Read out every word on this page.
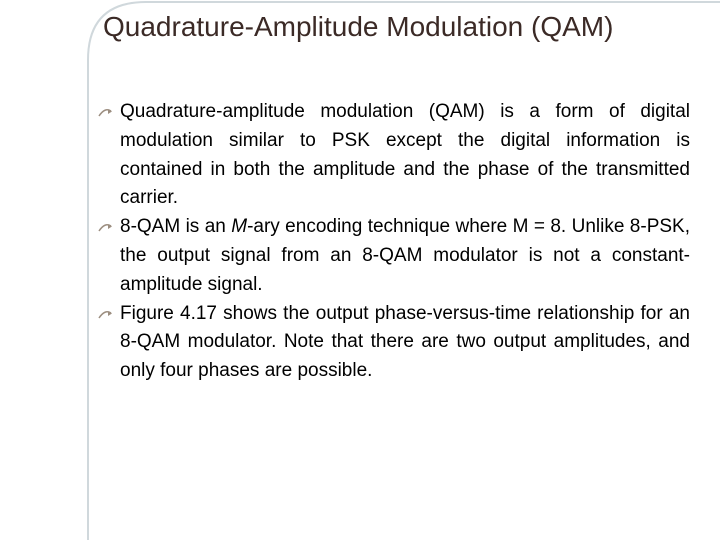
Quadrature-Amplitude Modulation (QAM)
Quadrature-amplitude modulation (QAM) is a form of digital modulation similar to PSK except the digital information is contained in both the amplitude and the phase of the transmitted carrier.
8-QAM is an M-ary encoding technique where M = 8. Unlike 8-PSK, the output signal from an 8-QAM modulator is not a constant-amplitude signal.
Figure 4.17 shows the output phase-versus-time relationship for an 8-QAM modulator. Note that there are two output amplitudes, and only four phases are possible.
